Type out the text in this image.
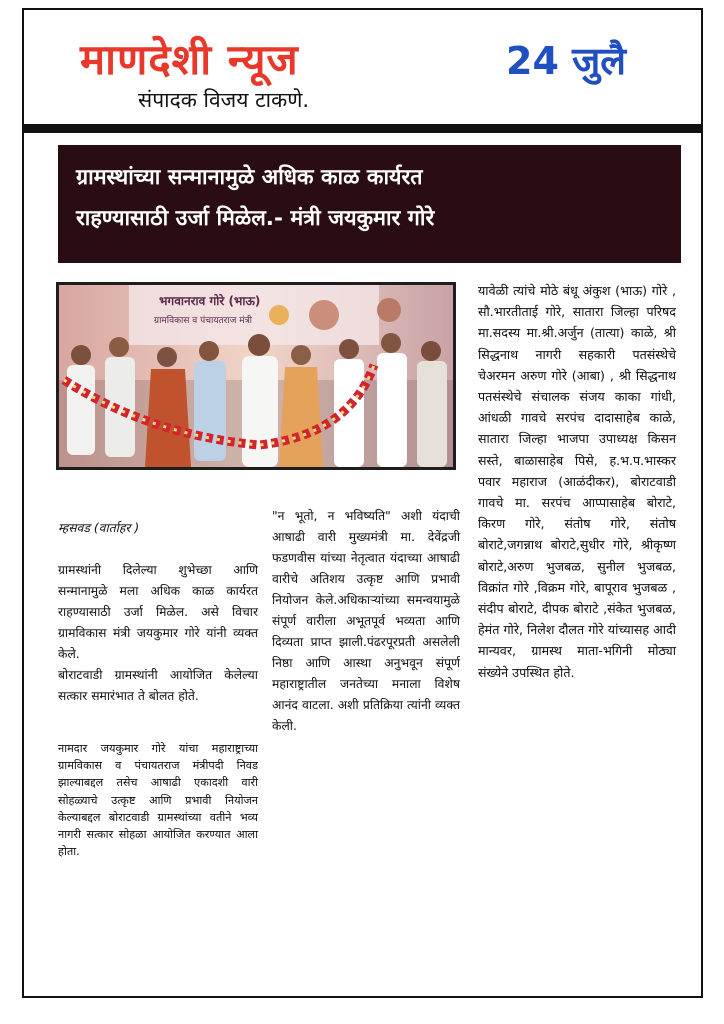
माणदेशी न्यूज
संपादक विजय टाकणे.
24 जुलै
ग्रामस्थांच्या सन्मानामुळे अधिक काळ कार्यरत
राहण्यासाठी उर्जा मिळेल.- मंत्री जयकुमार गोरे
भगवानराव गोरे (भाऊ)
ग्रामविकास व पंचायतराज मंत्री

म्हसवड (वार्ताहर )

ग्रामस्थांनी दिलेल्या शुभेच्छा आणि सन्मानामुळे मला अधिक काळ कार्यरत राहण्यासाठी उर्जा मिळेल. असे विचार ग्रामविकास मंत्री जयकुमार गोरे यांनी व्यक्त केले.
बोराटवाडी ग्रामस्थांनी आयोजित केलेल्या सत्कार समारंभात ते बोलत होते.

नामदार जयकुमार गोरे यांचा महाराष्ट्राच्या ग्रामविकास व पंचायतराज मंत्रीपदी निवड झाल्याबद्दल तसेच आषाढी एकादशी वारी सोहळ्याचे उत्कृष्ट आणि प्रभावी नियोजन केल्याबद्दल बोराटवाडी ग्रामस्थांच्या वतीने भव्य नागरी सत्कार सोहळा आयोजित करण्यात आला होता.
"न भूतो, न भविष्यति" अशी यंदाची आषाढी वारी मुख्यमंत्री मा. देवेंद्रजी फडणवीस यांच्या नेतृत्वात यंदाच्या आषाढी वारीचे अतिशय उत्कृष्ट आणि प्रभावी नियोजन केले.अधिकाऱ्यांच्या समन्वयामुळे संपूर्ण वारीला अभूतपूर्व भव्यता आणि दिव्यता प्राप्त झाली.पंढरपूरप्रती असलेली निष्ठा आणि आस्था अनुभवून संपूर्ण महाराष्ट्रातील जनतेच्या मनाला विशेष आनंद वाटला. अशी प्रतिक्रिया त्यांनी व्यक्त केली.
यावेळी त्यांचे मोठे बंधू अंकुश (भाऊ) गोरे , सौ.भारतीताई गोरे, सातारा जिल्हा परिषद मा.सदस्य मा.श्री.अर्जुन (तात्या) काळे, श्री सिद्धनाथ नागरी सहकारी पतसंस्थेचे चेअरमन अरुण गोरे (आबा) , श्री सिद्धनाथ पतसंस्थेचे संचालक संजय काका गांधी, आंधळी गावचे सरपंच दादासाहेब काळे, सातारा जिल्हा भाजपा उपाध्यक्ष किसन सस्ते, बाळासाहेब पिसे, ह.भ.प.भास्कर पवार महाराज (आळंदीकर), बोराटवाडी गावचे मा. सरपंच आप्पासाहेब बोराटे, किरण गोरे, संतोष गोरे, संतोष बोराटे,जगन्नाथ बोराटे,सुधीर गोरे, श्रीकृष्ण बोराटे,अरुण भुजबळ, सुनील भुजबळ, विक्रांत गोरे ,विक्रम गोरे, बापूराव भुजबळ , संदीप बोराटे, दीपक बोराटे ,संकेत भुजबळ, हेमंत गोरे, निलेश दौलत गोरे यांच्यासह आदी मान्यवर, ग्रामस्थ माता-भगिनी मोठ्या संख्येने उपस्थित होते.
